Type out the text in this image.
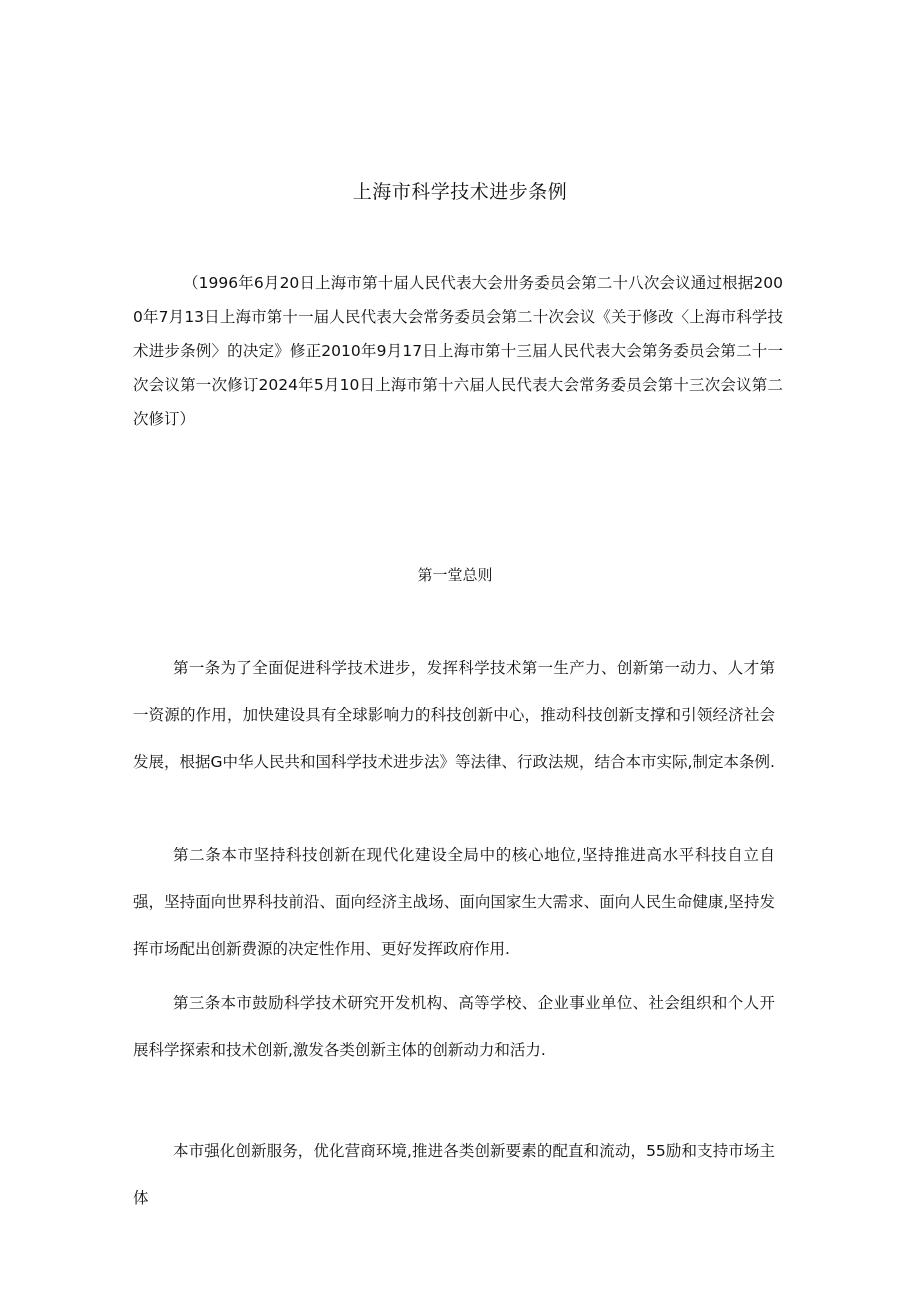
上海市科学技术进步条例

（1996年6月20日上海市第十届人民代表大会卅务委员会第二十八次会议通过根据2000年7月13日上海市第十一届人民代表大会常务委员会第二十次会议《关于修改〈上海市科学技术进步条例〉的决定》修正2010年9月17日上海市第十三届人民代表大会第务委员会第二十一次会议第一次修订2024年5月10日上海市第十六届人民代表大会常务委员会第十三次会议第二次修订）

第一堂总则

第一条为了全面促进科学技术进步，发挥科学技术第一生产力、创新第一动力、人才第一资源的作用，加快建设具有全球影响力的科技创新中心，推动科技创新支撑和引领经济社会发展，根据G中华人民共和国科学技术进步法》等法律、行政法规，结合本市实际,制定本条例.

第二条本市坚持科技创新在现代化建设全局中的核心地位,坚持推进高水平科技自立自强，坚持面向世界科技前沿、面向经济主战场、面向国家生大需求、面向人民生命健康,坚持发挥市场配出创新费源的决定性作用、更好发挥政府作用.

第三条本市鼓励科学技术研究开发机构、高等学校、企业事业单位、社会组织和个人开展科学探索和技术创新,激发各类创新主体的创新动力和活力.

本市强化创新服务，优化营商环境,推进各类创新要素的配直和流动，55励和支持市场主体
